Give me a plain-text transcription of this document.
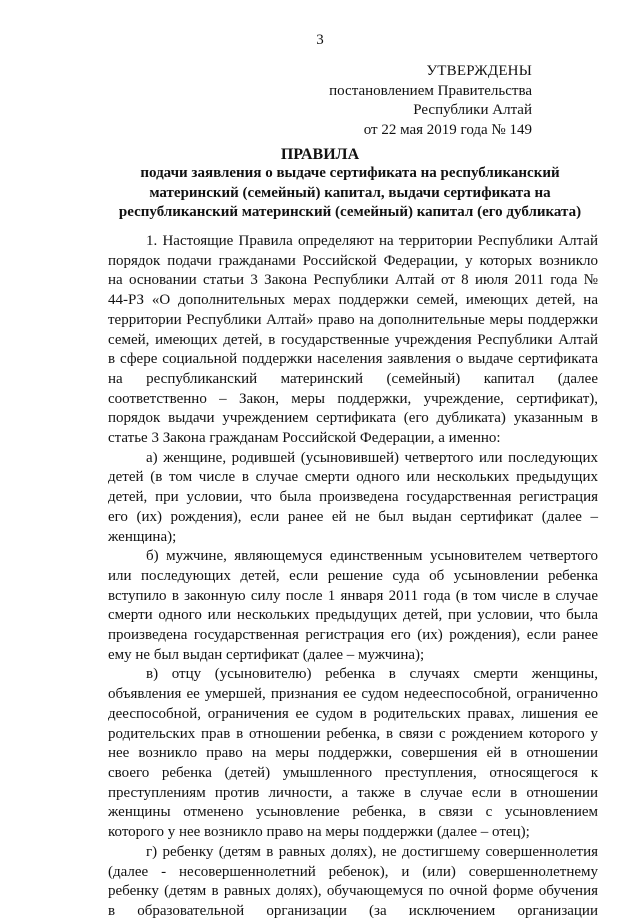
3
УТВЕРЖДЕНЫ
постановлением Правительства
Республики Алтай
от 22 мая 2019 года № 149
ПРАВИЛА
подачи заявления о выдаче сертификата на республиканский
материнский (семейный) капитал, выдачи сертификата на
республиканский материнский (семейный) капитал (его дубликата)

1. Настоящие Правила определяют на территории Республики Алтай
порядок подачи гражданами Российской Федерации, у которых возникло
на основании статьи 3 Закона Республики Алтай от 8 июля 2011 года №
44-РЗ «О дополнительных мерах поддержки семей, имеющих детей, на
территории Республики Алтай» право на дополнительные меры поддержки
семей, имеющих детей, в государственные учреждения Республики Алтай
в сфере социальной поддержки населения заявления о выдаче сертификата
на республиканский материнский (семейный) капитал (далее
соответственно – Закон, меры поддержки, учреждение, сертификат),
порядок выдачи учреждением сертификата (его дубликата) указанным в
статье 3 Закона гражданам Российской Федерации, а именно:

а) женщине, родившей (усыновившей) четвертого или последующих
детей (в том числе в случае смерти одного или нескольких предыдущих
детей, при условии, что была произведена государственная регистрация
его (их) рождения), если ранее ей не был выдан сертификат (далее –
женщина);

б) мужчине, являющемуся единственным усыновителем четвертого
или последующих детей, если решение суда об усыновлении ребенка
вступило в законную силу после 1 января 2011 года (в том числе в случае
смерти одного или нескольких предыдущих детей, при условии, что была
произведена государственная регистрация его (их) рождения), если ранее
ему не был выдан сертификат (далее – мужчина);

в) отцу (усыновителю) ребенка в случаях смерти женщины,
объявления ее умершей, признания ее судом недееспособной, ограниченно
дееспособной, ограничения ее судом в родительских правах, лишения ее
родительских прав в отношении ребенка, в связи с рождением которого у
нее возникло право на меры поддержки, совершения ей в отношении
своего ребенка (детей) умышленного преступления, относящегося к
преступлениям против личности, а также в случае если в отношении
женщины отменено усыновление ребенка, в связи с усыновлением
которого у нее возникло право на меры поддержки (далее – отец);

г) ребенку (детям в равных долях), не достигшему совершеннолетия
(далее - несовершеннолетний ребенок), и (или) совершеннолетнему
ребенку (детям в равных долях), обучающемуся по очной форме обучения
в образовательной организации (за исключением организации
